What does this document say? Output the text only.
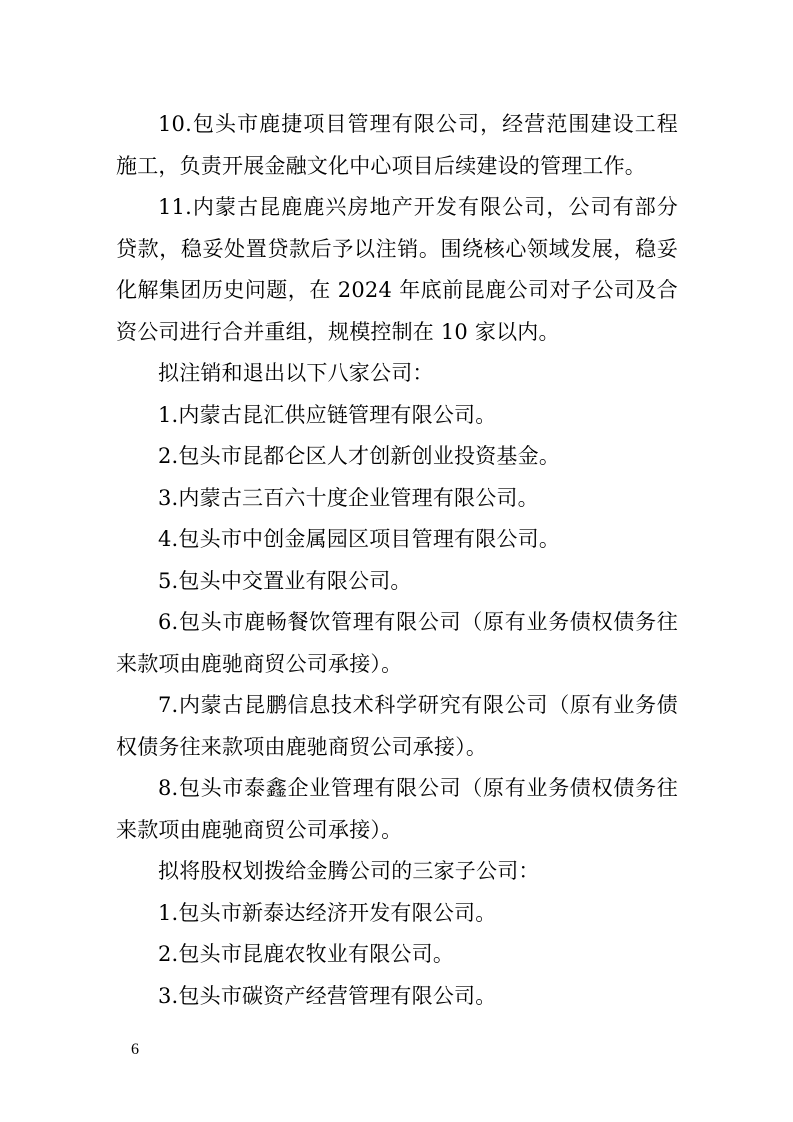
10.包头市鹿捷项目管理有限公司，经营范围建设工程施工，负责开展金融文化中心项目后续建设的管理工作。

11.内蒙古昆鹿鹿兴房地产开发有限公司，公司有部分贷款，稳妥处置贷款后予以注销。围绕核心领域发展，稳妥化解集团历史问题，在 2024 年底前昆鹿公司对子公司及合资公司进行合并重组，规模控制在 10 家以内。

拟注销和退出以下八家公司：

1.内蒙古昆汇供应链管理有限公司。

2.包头市昆都仑区人才创新创业投资基金。

3.内蒙古三百六十度企业管理有限公司。

4.包头市中创金属园区项目管理有限公司。

5.包头中交置业有限公司。

6.包头市鹿畅餐饮管理有限公司（原有业务债权债务往来款项由鹿驰商贸公司承接）。

7.内蒙古昆鹏信息技术科学研究有限公司（原有业务债权债务往来款项由鹿驰商贸公司承接）。

8.包头市泰鑫企业管理有限公司（原有业务债权债务往来款项由鹿驰商贸公司承接）。

拟将股权划拨给金腾公司的三家子公司：

1.包头市新泰达经济开发有限公司。

2.包头市昆鹿农牧业有限公司。

3.包头市碳资产经营管理有限公司。

6
